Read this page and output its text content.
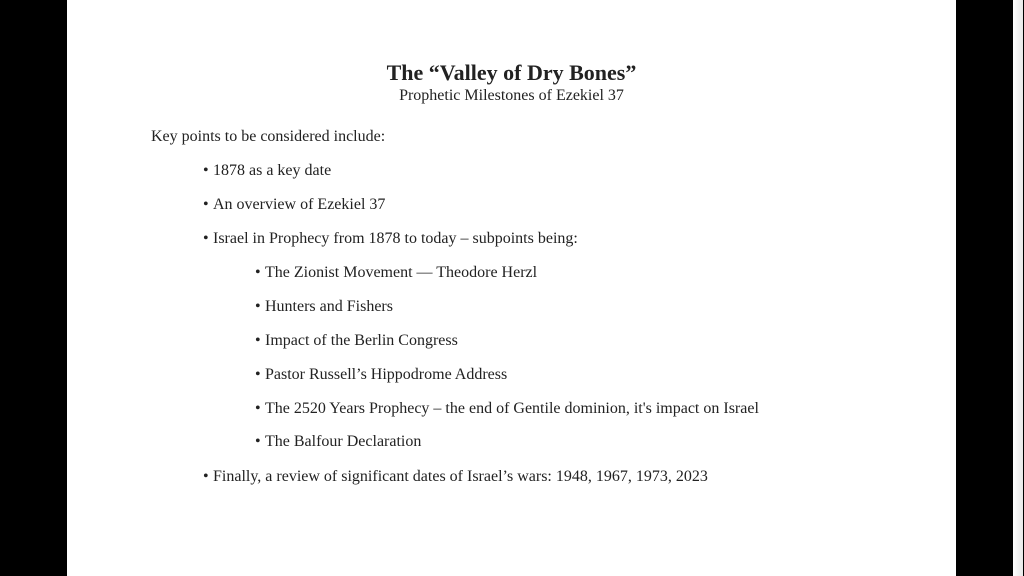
The “Valley of Dry Bones”
Prophetic Milestones of Ezekiel 37
Key points to be considered include:
• 1878 as a key date
• An overview of Ezekiel 37
• Israel in Prophecy from 1878 to today – subpoints being:
• The Zionist Movement — Theodore Herzl
• Hunters and Fishers
• Impact of the Berlin Congress
• Pastor Russell’s Hippodrome Address
• The 2520 Years Prophecy – the end of Gentile dominion, it's impact on Israel
• The Balfour Declaration
• Finally, a review of significant dates of Israel’s wars: 1948, 1967, 1973, 2023
